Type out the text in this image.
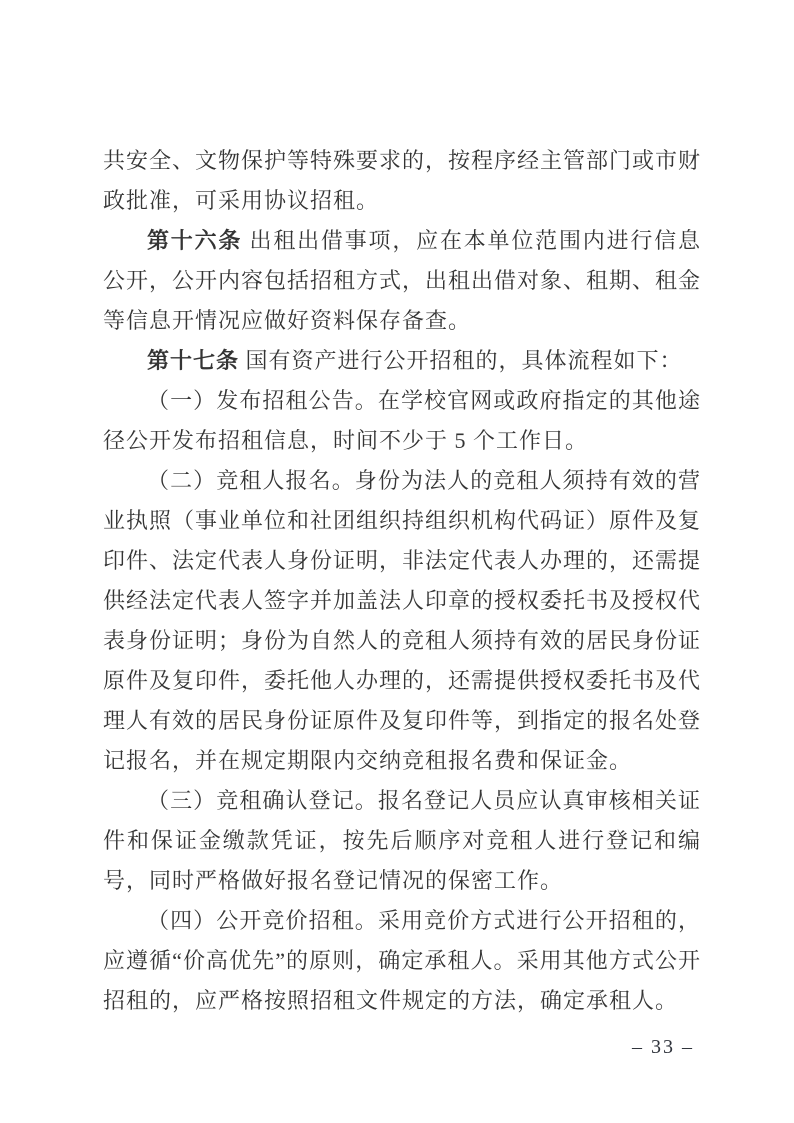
共安全、文物保护等特殊要求的，按程序经主管部门或市财政批准，可采用协议招租。

第十六条 出租出借事项，应在本单位范围内进行信息公开，公开内容包括招租方式，出租出借对象、租期、租金等信息开情况应做好资料保存备查。

第十七条 国有资产进行公开招租的，具体流程如下：

（一）发布招租公告。在学校官网或政府指定的其他途径公开发布招租信息，时间不少于 5 个工作日。

（二）竞租人报名。身份为法人的竞租人须持有效的营业执照（事业单位和社团组织持组织机构代码证）原件及复印件、法定代表人身份证明，非法定代表人办理的，还需提供经法定代表人签字并加盖法人印章的授权委托书及授权代表身份证明；身份为自然人的竞租人须持有效的居民身份证原件及复印件，委托他人办理的，还需提供授权委托书及代理人有效的居民身份证原件及复印件等，到指定的报名处登记报名，并在规定期限内交纳竞租报名费和保证金。

（三）竞租确认登记。报名登记人员应认真审核相关证件和保证金缴款凭证，按先后顺序对竞租人进行登记和编号，同时严格做好报名登记情况的保密工作。

（四）公开竞价招租。采用竞价方式进行公开招租的，应遵循“价高优先”的原则，确定承租人。采用其他方式公开招租的，应严格按照招租文件规定的方法，确定承租人。

– 33 –
